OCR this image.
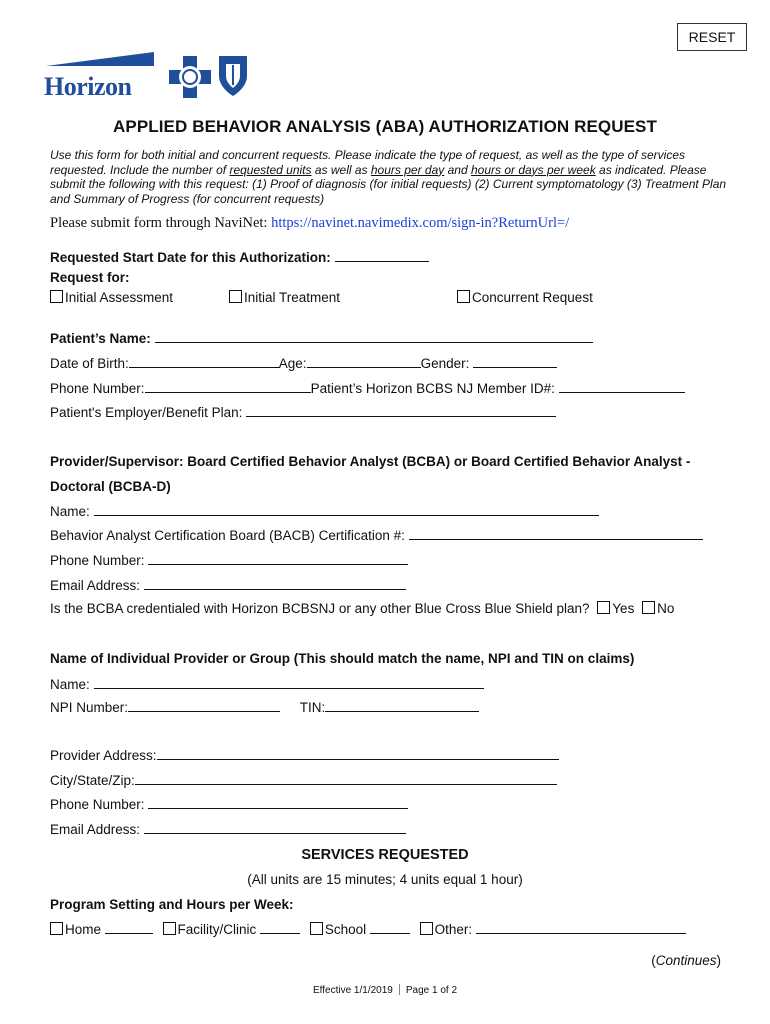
RESET
Horizon
APPLIED BEHAVIOR ANALYSIS (ABA) AUTHORIZATION REQUEST
Use this form for both initial and concurrent requests. Please indicate the type of request, as well as the type of services requested. Include the number of requested units as well as hours per day and hours or days per week as indicated. Please submit the following with this request: (1) Proof of diagnosis (for initial requests) (2) Current symptomatology (3) Treatment Plan and Summary of Progress (for concurrent requests)
Please submit form through NaviNet: https://navinet.navimedix.com/sign-in?ReturnUrl=/
Requested Start Date for this Authorization:
Request for:
Initial Assessment	Initial Treatment	Concurrent Request
Patient’s Name:
Date of Birth:	Age:	Gender:
Phone Number:	Patient’s Horizon BCBS NJ Member ID#:
Patient's Employer/Benefit Plan:
Provider/Supervisor: Board Certified Behavior Analyst (BCBA) or Board Certified Behavior Analyst -
Doctoral (BCBA-D)
Name:
Behavior Analyst Certification Board (BACB) Certification #:
Phone Number:
Email Address:
Is the BCBA credentialed with Horizon BCBSNJ or any other Blue Cross Blue Shield plan? Yes No
Name of Individual Provider or Group (This should match the name, NPI and TIN on claims)
Name:
NPI Number:	TIN:
Provider Address:
City/State/Zip:
Phone Number:
Email Address:
SERVICES REQUESTED
(All units are 15 minutes; 4 units equal 1 hour)
Program Setting and Hours per Week:
Home	Facility/Clinic	School	Other:
(Continues)
Effective 1/1/2019 Page 1 of 2
